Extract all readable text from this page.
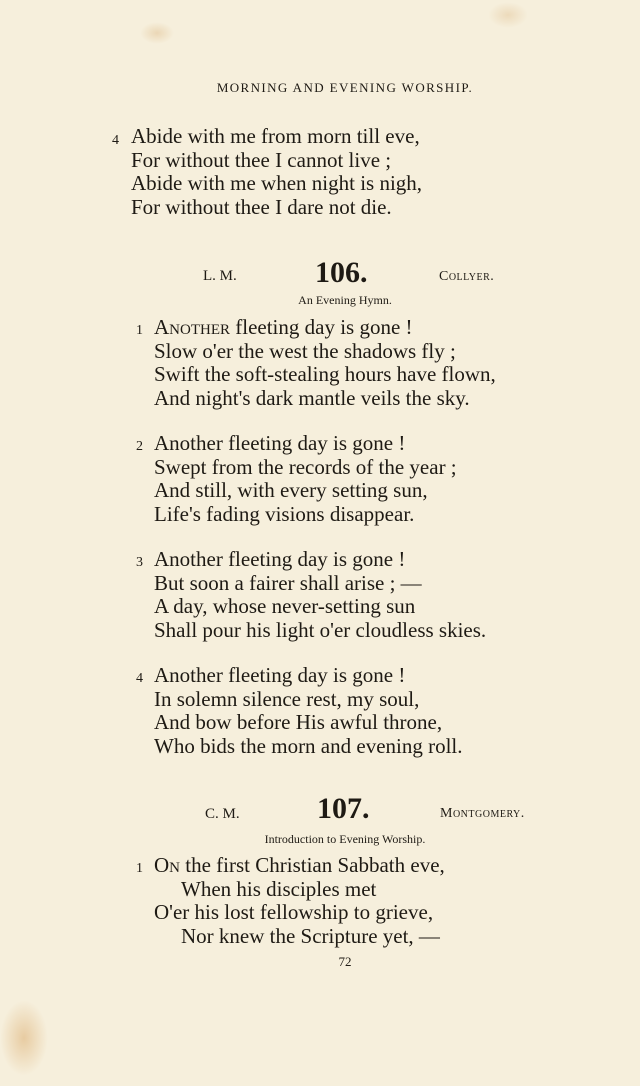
MORNING AND EVENING WORSHIP.
4 Abide with me from morn till eve,
For without thee I cannot live ;
Abide with me when night is nigh,
For without thee I dare not die.
L. M.	106.	Collyer.
An Evening Hymn.
1 Another fleeting day is gone !
Slow o'er the west the shadows fly ;
Swift the soft-stealing hours have flown,
And night's dark mantle veils the sky.
2 Another fleeting day is gone !
Swept from the records of the year ;
And still, with every setting sun,
Life's fading visions disappear.
3 Another fleeting day is gone !
But soon a fairer shall arise ; —
A day, whose never-setting sun
Shall pour his light o'er cloudless skies.
4 Another fleeting day is gone !
In solemn silence rest, my soul,
And bow before His awful throne,
Who bids the morn and evening roll.
C. M.	107.	Montgomery.
Introduction to Evening Worship.
1 On the first Christian Sabbath eve,
When his disciples met
O'er his lost fellowship to grieve,
Nor knew the Scripture yet, —
72
